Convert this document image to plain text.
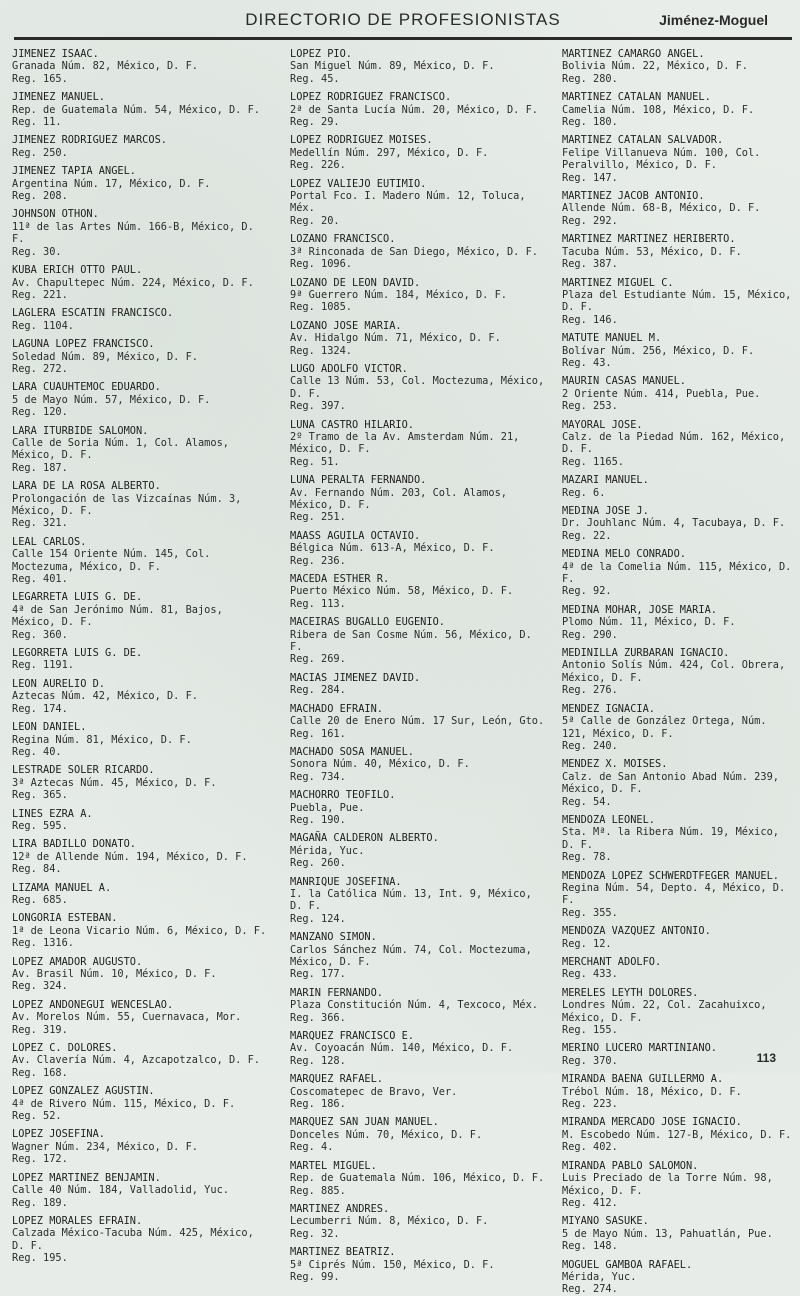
DIRECTORIO DE PROFESIONISTAS	Jiménez-Moguel
JIMENEZ ISAAC.
Granada Núm. 82, México, D. F.
Reg. 165.
JIMENEZ MANUEL.
Rep. de Guatemala Núm. 54, México, D. F.
Reg. 11.
JIMENEZ RODRIGUEZ MARCOS.
Reg. 250.
JIMENEZ TAPIA ANGEL.
Argentina Núm. 17, México, D. F.
Reg. 208.
JOHNSON OTHON.
11ª de las Artes Núm. 166-B, México, D. F.
Reg. 30.
KUBA ERICH OTTO PAUL.
Av. Chapultepec Núm. 224, México, D. F.
Reg. 221.
LAGLERA ESCATIN FRANCISCO.
Reg. 1104.
LAGUNA LOPEZ FRANCISCO.
Soledad Núm. 89, México, D. F.
Reg. 272.
LARA CUAUHTEMOC EDUARDO.
5 de Mayo Núm. 57, México, D. F.
Reg. 120.
LARA ITURBIDE SALOMON.
Calle de Soria Núm. 1, Col. Alamos, México, D. F.
Reg. 187.
LARA DE LA ROSA ALBERTO.
Prolongación de las Vizcaínas Núm. 3, México, D. F.
Reg. 321.
LEAL CARLOS.
Calle 154 Oriente Núm. 145, Col. Moctezuma, México, D. F.
Reg. 401.
LEGARRETA LUIS G. DE.
4ª de San Jerónimo Núm. 81, Bajos, México, D. F.
Reg. 360.
LEGORRETA LUIS G. DE.
Reg. 1191.
LEON AURELIO D.
Aztecas Núm. 42, México, D. F.
Reg. 174.
LEON DANIEL.
Regina Núm. 81, México, D. F.
Reg. 40.
LESTRADE SOLER RICARDO.
3ª Aztecas Núm. 45, México, D. F.
Reg. 365.
LINES EZRA A.
Reg. 595.
LIRA BADILLO DONATO.
12ª de Allende Núm. 194, México, D. F.
Reg. 84.
LIZAMA MANUEL A.
Reg. 685.
LONGORIA ESTEBAN.
1ª de Leona Vicario Núm. 6, México, D. F.
Reg. 1316.
LOPEZ AMADOR AUGUSTO.
Av. Brasil Núm. 10, México, D. F.
Reg. 324.
LOPEZ ANDONEGUI WENCESLAO.
Av. Morelos Núm. 55, Cuernavaca, Mor.
Reg. 319.
LOPEZ C. DOLORES.
Av. Clavería Núm. 4, Azcapotzalco, D. F.
Reg. 168.
LOPEZ GONZALEZ AGUSTIN.
4ª de Rivero Núm. 115, México, D. F.
Reg. 52.
LOPEZ JOSEFINA.
Wagner Núm. 234, México, D. F.
Reg. 172.
LOPEZ MARTINEZ BENJAMIN.
Calle 40 Núm. 184, Valladolid, Yuc.
Reg. 189.
LOPEZ MORALES EFRAIN.
Calzada México-Tacuba Núm. 425, México, D. F.
Reg. 195.
LOPEZ PIO.
San Miguel Núm. 89, México, D. F.
Reg. 45.
LOPEZ RODRIGUEZ FRANCISCO.
2ª de Santa Lucía Núm. 20, México, D. F.
Reg. 29.
LOPEZ RODRIGUEZ MOISES.
Medellín Núm. 297, México, D. F.
Reg. 226.
LOPEZ VALIEJO EUTIMIO.
Portal Fco. I. Madero Núm. 12, Toluca, Méx.
Reg. 20.
LOZANO FRANCISCO.
3ª Rinconada de San Diego, México, D. F.
Reg. 1096.
LOZANO DE LEON DAVID.
9ª Guerrero Núm. 184, México, D. F.
Reg. 1085.
LOZANO JOSE MARIA.
Av. Hidalgo Núm. 71, México, D. F.
Reg. 1324.
LUGO ADOLFO VICTOR.
Calle 13 Núm. 53, Col. Moctezuma, México, D. F.
Reg. 397.
LUNA CASTRO HILARIO.
2º Tramo de la Av. Amsterdam Núm. 21, México, D. F.
Reg. 51.
LUNA PERALTA FERNANDO.
Av. Fernando Núm. 203, Col. Alamos, México, D. F.
Reg. 251.
MAASS AGUILA OCTAVIO.
Bélgica Núm. 613-A, México, D. F.
Reg. 236.
MACEDA ESTHER R.
Puerto México Núm. 58, México, D. F.
Reg. 113.
MACEIRAS BUGALLO EUGENIO.
Ribera de San Cosme Núm. 56, México, D. F.
Reg. 269.
MACIAS JIMENEZ DAVID.
Reg. 284.
MACHADO EFRAIN.
Calle 20 de Enero Núm. 17 Sur, León, Gto.
Reg. 161.
MACHADO SOSA MANUEL.
Sonora Núm. 40, México, D. F.
Reg. 734.
MACHORRO TEOFILO.
Puebla, Pue.
Reg. 190.
MAGAÑA CALDERON ALBERTO.
Mérida, Yuc.
Reg. 260.
MANRIQUE JOSEFINA.
I. la Católica Núm. 13, Int. 9, México, D. F.
Reg. 124.
MANZANO SIMON.
Carlos Sánchez Núm. 74, Col. Moctezuma, México, D. F.
Reg. 177.
MARIN FERNANDO.
Plaza Constitución Núm. 4, Texcoco, Méx.
Reg. 366.
MARQUEZ FRANCISCO E.
Av. Coyoacán Núm. 140, México, D. F.
Reg. 128.
MARQUEZ RAFAEL.
Coscomatepec de Bravo, Ver.
Reg. 186.
MARQUEZ SAN JUAN MANUEL.
Donceles Núm. 70, México, D. F.
Reg. 4.
MARTEL MIGUEL.
Rep. de Guatemala Núm. 106, México, D. F.
Reg. 885.
MARTINEZ ANDRES.
Lecumberri Núm. 8, México, D. F.
Reg. 32.
MARTINEZ BEATRIZ.
5ª Ciprés Núm. 150, México, D. F.
Reg. 99.
MARTINEZ CAMARGO ANGEL.
Bolivia Núm. 22, México, D. F.
Reg. 280.
MARTINEZ CATALAN MANUEL.
Camelia Núm. 108, México, D. F.
Reg. 180.
MARTINEZ CATALAN SALVADOR.
Felipe Villanueva Núm. 100, Col. Peralvillo, México, D. F.
Reg. 147.
MARTINEZ JACOB ANTONIO.
Allende Núm. 68-B, México, D. F.
Reg. 292.
MARTINEZ MARTINEZ HERIBERTO.
Tacuba Núm. 53, México, D. F.
Reg. 387.
MARTINEZ MIGUEL C.
Plaza del Estudiante Núm. 15, México, D. F.
Reg. 146.
MATUTE MANUEL M.
Bolívar Núm. 256, México, D. F.
Reg. 43.
MAURIN CASAS MANUEL.
2 Oriente Núm. 414, Puebla, Pue.
Reg. 253.
MAYORAL JOSE.
Calz. de la Piedad Núm. 162, México, D. F.
Reg. 1165.
MAZARI MANUEL.
Reg. 6.
MEDINA JOSE J.
Dr. Jouhlanc Núm. 4, Tacubaya, D. F.
Reg. 22.
MEDINA MELO CONRADO.
4ª de la Comelia Núm. 115, México, D. F.
Reg. 92.
MEDINA MOHAR, JOSE MARIA.
Plomo Núm. 11, México, D. F.
Reg. 290.
MEDINILLA ZURBARAN IGNACIO.
Antonio Solís Núm. 424, Col. Obrera, México, D. F.
Reg. 276.
MENDEZ IGNACIA.
5ª Calle de González Ortega, Núm. 121, México, D. F.
Reg. 240.
MENDEZ X. MOISES.
Calz. de San Antonio Abad Núm. 239, México, D. F.
Reg. 54.
MENDOZA LEONEL.
Sta. Mª. la Ribera Núm. 19, México, D. F.
Reg. 78.
MENDOZA LOPEZ SCHWERDTFEGER MANUEL.
Regina Núm. 54, Depto. 4, México, D. F.
Reg. 355.
MENDOZA VAZQUEZ ANTONIO.
Reg. 12.
MERCHANT ADOLFO.
Reg. 433.
MERELES LEYTH DOLORES.
Londres Núm. 22, Col. Zacahuixco, México, D. F.
Reg. 155.
MERINO LUCERO MARTINIANO.
Reg. 370.
MIRANDA BAENA GUILLERMO A.
Trébol Núm. 18, México, D. F.
Reg. 223.
MIRANDA MERCADO JOSE IGNACIO.
M. Escobedo Núm. 127-B, México, D. F.
Reg. 402.
MIRANDA PABLO SALOMON.
Luis Preciado de la Torre Núm. 98, México, D. F.
Reg. 412.
MIYANO SASUKE.
5 de Mayo Núm. 13, Pahuatlán, Pue.
Reg. 148.
MOGUEL GAMBOA RAFAEL.
Mérida, Yuc.
Reg. 274.
113
